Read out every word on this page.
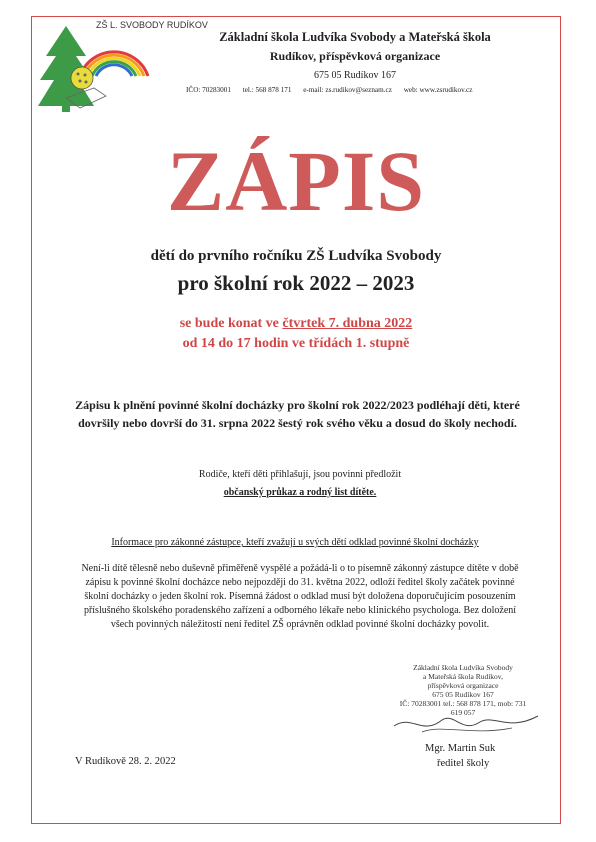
ZŠ L. SVOBODY RUDÍKOV
Základní škola Ludvíka Svobody a Mateřská škola
Rudíkov, příspěvková organizace
675 05 Rudíkov 167
IČO: 70283001 tel.: 568 878 171 e-mail: zs.rudikov@seznam.cz web: www.zsrudikov.cz
ZÁPIS
dětí do prvního ročníku ZŠ Ludvíka Svobody
pro školní rok 2022 – 2023
se bude konat ve čtvrtek 7. dubna 2022
od 14 do 17 hodin ve třídách 1. stupně
Zápisu k plnění povinné školní docházky pro školní rok 2022/2023 podléhají děti, které dovršily nebo dovrší do 31. srpna 2022 šestý rok svého věku a dosud do školy nechodí.
Rodiče, kteří děti přihlašují, jsou povinni předložit
občanský průkaz a rodný list dítěte.
Informace pro zákonné zástupce, kteří zvažují u svých dětí odklad povinné školní docházky
Není-li dítě tělesně nebo duševně přiměřeně vyspělé a požádá-li o to písemně zákonný zástupce dítěte v době zápisu k povinné školní docházce nebo nejpozději do 31. května 2022, odloží ředitel školy začátek povinné školní docházky o jeden školní rok. Písemná žádost o odklad musí být doložena doporučujícím posouzením příslušného školského poradenského zařízení a odborného lékaře nebo klinického psychologa. Bez doložení všech povinných náležitostí není ředitel ZŠ oprávněn odklad povinné školní docházky povolit.
Základní škola Ludvíka Svobody
a Mateřská škola Rudíkov,
příspěvková organizace
675 05 Rudíkov 167
IČ: 70283001 tel.: 568 878 171, mob: 731 619 057
V Rudíkově 28. 2. 2022
Mgr. Martin Suk
ředitel školy
